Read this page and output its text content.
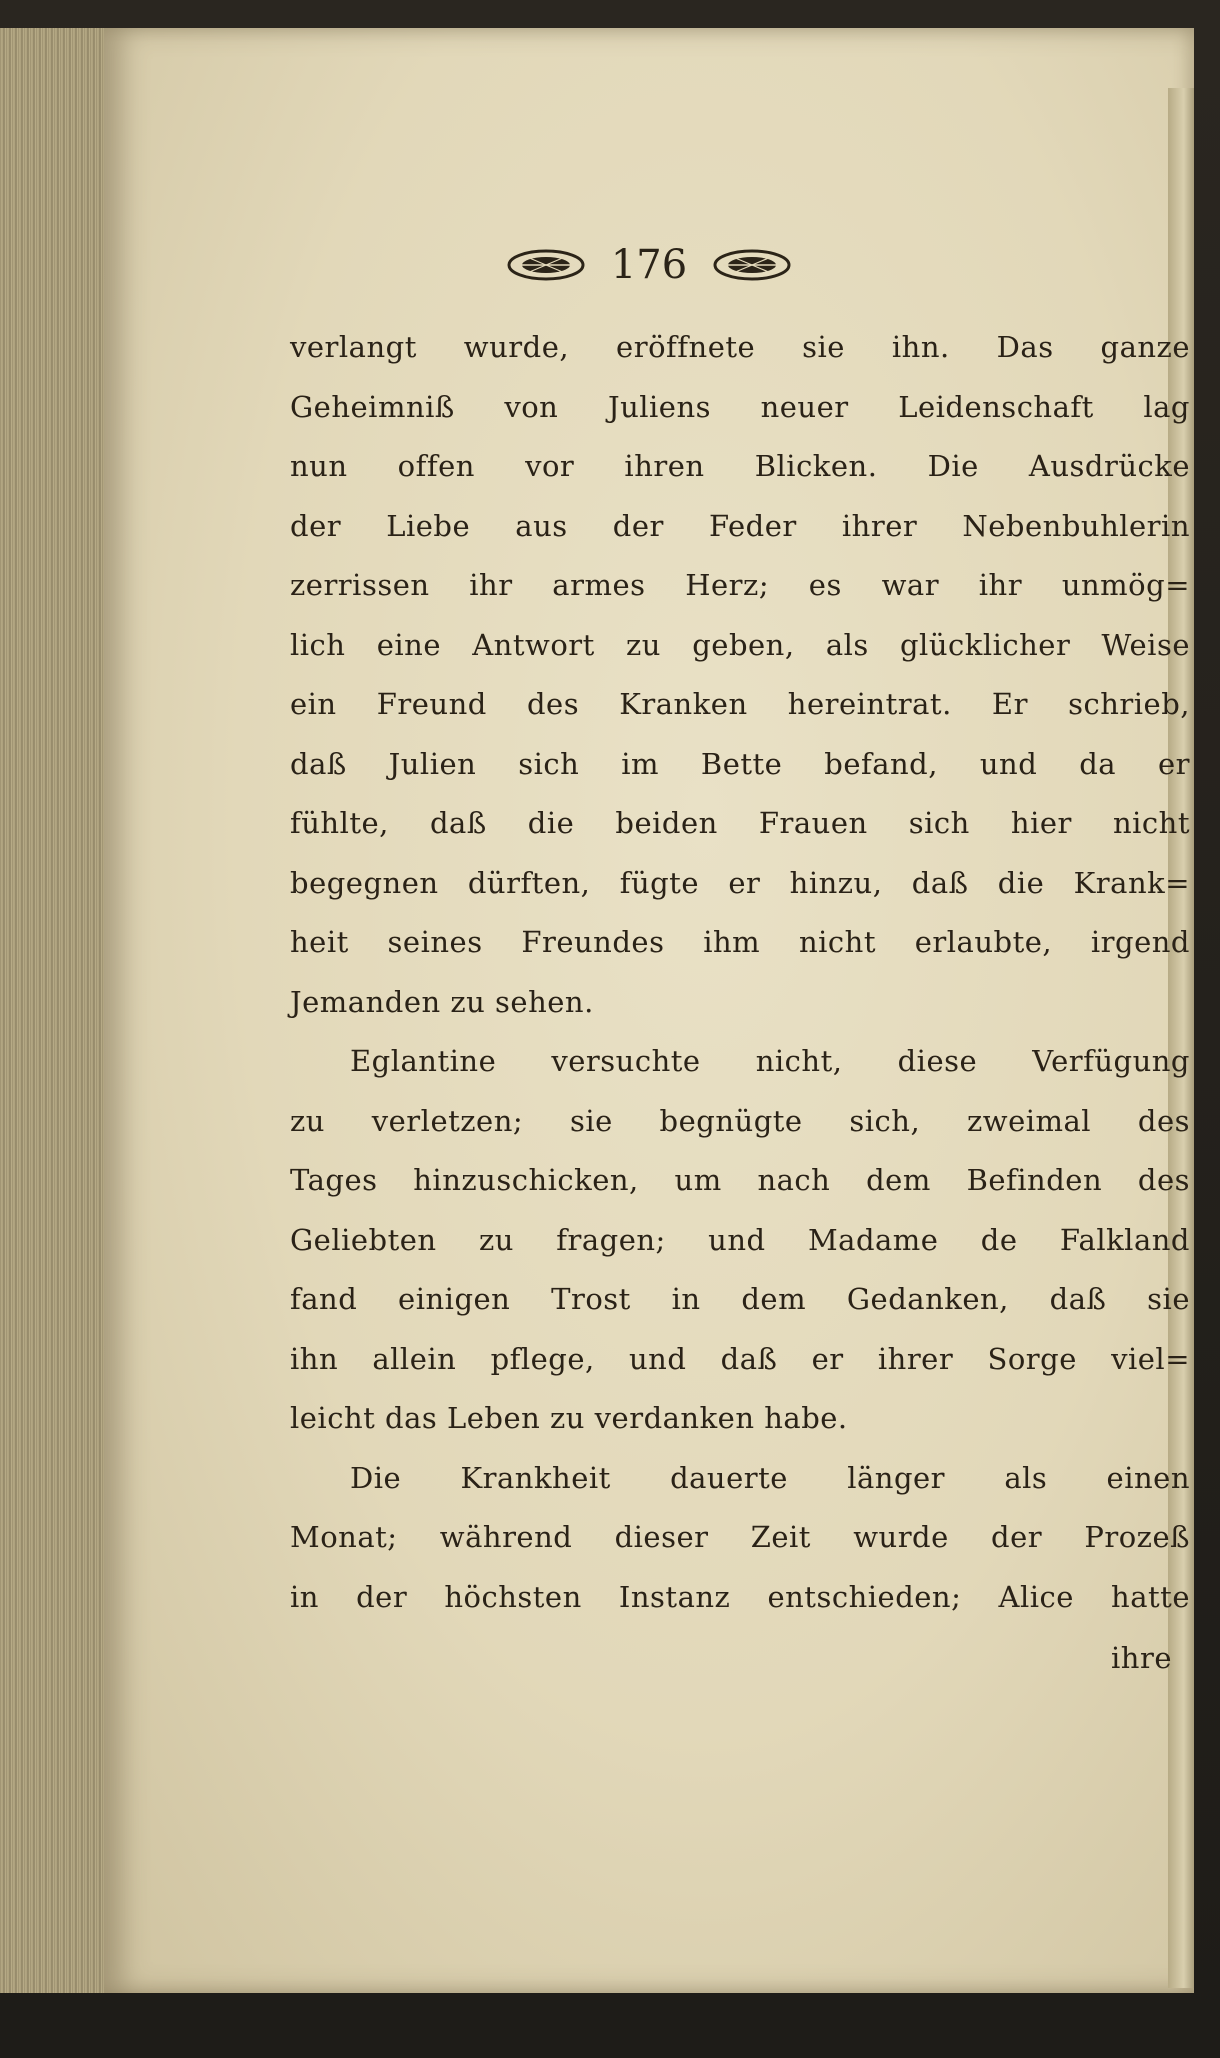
176
verlangt wurde, eröffnete sie ihn. Das ganze
Geheimniß von Juliens neuer Leidenschaft lag
nun offen vor ihren Blicken. Die Ausdrücke
der Liebe aus der Feder ihrer Nebenbuhlerin
zerrissen ihr armes Herz; es war ihr unmög=
lich eine Antwort zu geben, als glücklicher Weise
ein Freund des Kranken hereintrat. Er schrieb,
daß Julien sich im Bette befand, und da er
fühlte, daß die beiden Frauen sich hier nicht
begegnen dürften, fügte er hinzu, daß die Krank=
heit seines Freundes ihm nicht erlaubte, irgend
Jemanden zu sehen.
Eglantine versuchte nicht, diese Verfügung
zu verletzen; sie begnügte sich, zweimal des
Tages hinzuschicken, um nach dem Befinden des
Geliebten zu fragen; und Madame de Falkland
fand einigen Trost in dem Gedanken, daß sie
ihn allein pflege, und daß er ihrer Sorge viel=
leicht das Leben zu verdanken habe.
Die Krankheit dauerte länger als einen
Monat; während dieser Zeit wurde der Prozeß
in der höchsten Instanz entschieden; Alice hatte
ihre
